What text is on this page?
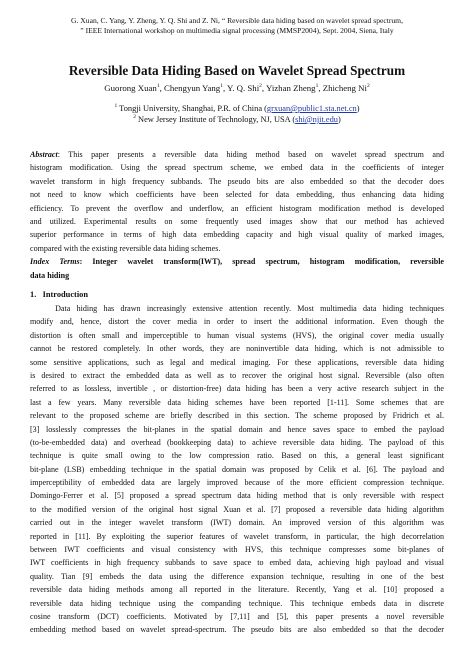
G. Xuan, C. Yang, Y. Zheng, Y. Q. Shi and Z. Ni, “ Reversible data hiding based on wavelet spread spectrum,
” IEEE International workshop on multimedia signal processing (MMSP2004), Sept. 2004, Siena, Italy
Reversible Data Hiding Based on Wavelet Spread Spectrum
Guorong Xuan$^1$, Chengyun Yang$^1$, Y. Q. Shi$^2$, Yizhan Zheng$^1$, Zhicheng Ni$^2$
$^1$ Tongji University, Shanghai, P.R. of China (grxuan@public1.sta.net.cn)
$^2$ New Jersey Institute of Technology, NJ, USA (shi@njit.edu)
Abstract: This paper presents a reversible data hiding method based on wavelet spread spectrum and
histogram modification. Using the spread spectrum scheme, we embed data in the coefficients of integer
wavelet transform in high frequency subbands. The pseudo bits are also embedded so that the decoder does
not need to know which coefficients have been selected for data embedding, thus enhancing data hiding
efficiency. To prevent the overflow and underflow, an efficient histogram modification method is developed
and utilized. Experimental results on some frequently used images show that our method has achieved
superior performance in terms of high data embedding capacity and high visual quality of marked images,
compared with the existing reversible data hiding schemes.
Index Terms: Integer wavelet transform(IWT), spread spectrum, histogram modification, reversible
data hiding
1. Introduction
Data hiding has drawn increasingly extensive attention recently. Most multimedia data hiding techniques
modify and, hence, distort the cover media in order to insert the additional information. Even though the
distortion is often small and imperceptible to human visual systems (HVS), the original cover media usually
cannot be restored completely. In other words, they are noninvertible data hiding, which is not admissible to
some sensitive applications, such as legal and medical imaging. For these applications, reversible data hiding
is desired to extract the embedded data as well as to recover the original host signal. Reversible (also often
referred to as lossless, invertible , or distortion-free) data hiding has been a very active research subject in the
last a few years. Many reversible data hiding schemes have been reported [1-11]. Some schemes that are
relevant to the proposed scheme are briefly described in this section. The scheme proposed by Fridrich et al.
[3] losslessly compresses the bit-planes in the spatial domain and hence saves space to embed the payload
(to-be-embedded data) and overhead (bookkeeping data) to achieve reversible data hiding. The payload of this
technique is quite small owing to the low compression ratio. Based on this, a general least significant
bit-plane (LSB) embedding technique in the spatial domain was proposed by Celik et al. [6]. The payload and
imperceptibility of embedded data are largely improved because of the more efficient compression technique.
Domingo-Ferrer et al. [5] proposed a spread spectrum data hiding method that is only reversible with respect
to the modified version of the original host signal Xuan et al. [7] proposed a reversible data hiding algorithm
carried out in the integer wavelet transform (IWT) domain. An improved version of this algorithm was
reported in [11]. By exploiting the superior features of wavelet transform, in particular, the high decorrelation
between IWT coefficients and visual consistency with HVS, this technique compresses some bit-planes of
IWT coefficients in high frequency subbands to save space to embed data, achieving high payload and visual
quality. Tian [9] embeds the data using the difference expansion technique, resulting in one of the best
reversible data hiding methods among all reported in the literature. Recently, Yang et al. [10] proposed a
reversible data hiding technique using the companding technique. This technique embeds data in discrete
cosine transform (DCT) coefficients. Motivated by [7,11] and [5], this paper presents a novel reversible
embedding method based on wavelet spread-spectrum. The pseudo bits are also embedded so that the decoder
